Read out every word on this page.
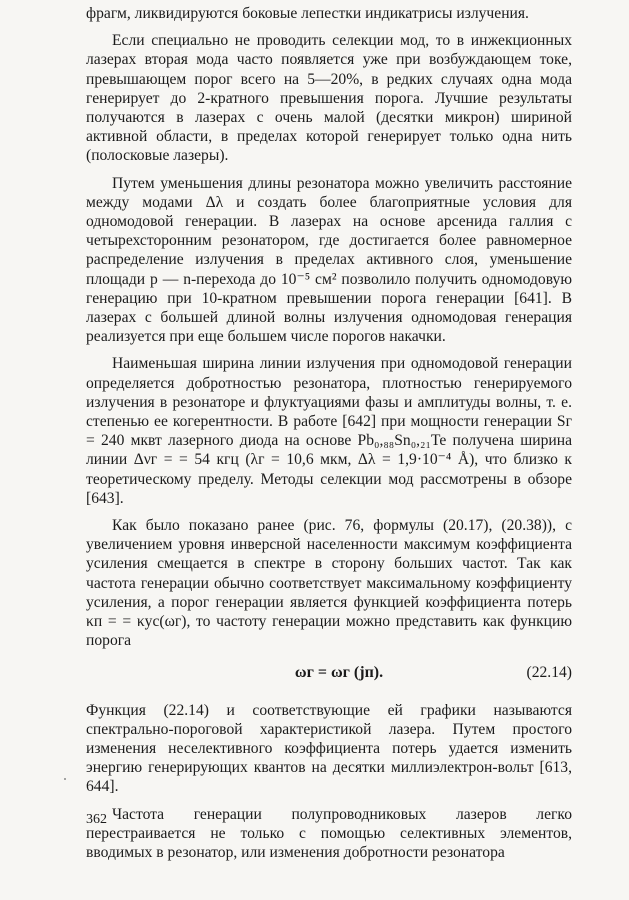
фрагм, ликвидируются боковые лепестки индикатрисы излучения.

Если специально не проводить селекции мод, то в инжекционных лазерах вторая мода часто появляется уже при возбуждающем токе, превышающем порог всего на 5—20%, в редких случаях одна мода генерирует до 2-кратного превышения порога. Лучшие результаты получаются в лазерах с очень малой (десятки микрон) шириной активной области, в пределах которой генерирует только одна нить (полосковые лазеры).

Путем уменьшения длины резонатора можно увеличить расстояние между модами Δλ и создать более благоприятные условия для одномодовой генерации. В лазерах на основе арсенида галлия с четырехсторонним резонатором, где достигается более равномерное распределение излучения в пределах активного слоя, уменьшение площади p — n-перехода до 10⁻⁵ см² позволило получить одномодовую генерацию при 10-кратном превышении порога генерации [641]. В лазерах с большей длиной волны излучения одномодовая генерация реализуется при еще большем числе порогов накачки.

Наименьшая ширина линии излучения при одномодовой генерации определяется добротностью резонатора, плотностью генерируемого излучения в резонаторе и флуктуациями фазы и амплитуды волны, т. е. степенью ее когерентности. В работе [642] при мощности генерации Sг = 240 мквт лазерного диода на основе Pb₀,₈₈Sn₀,₂₁Te получена ширина линии Δνг = = 54 кгц (λг = 10,6 мкм, Δλ = 1,9·10⁻⁴ Å), что близко к теоретическому пределу. Методы селекции мод рассмотрены в обзоре [643].

Как было показано ранее (рис. 76, формулы (20.17), (20.38)), с увеличением уровня инверсной населенности максимум коэффициента усиления смещается в спектре в сторону больших частот. Так как частота генерации обычно соответствует максимальному коэффициенту усиления, а порог генерации является функцией коэффициента потерь κп = = κус(ωг), то частоту генерации можно представить как функцию порога

ωг = ωг (jп).	(22.14)

Функция (22.14) и соответствующие ей графики называются спектрально-пороговой характеристикой лазера. Путем простого изменения неселективного коэффициента потерь удается изменить энергию генерирующих квантов на десятки миллиэлектрон-вольт [613, 644].

Частота генерации полупроводниковых лазеров легко перестраивается не только с помощью селективных элементов, вводимых в резонатор, или изменения добротности резонатора

362
